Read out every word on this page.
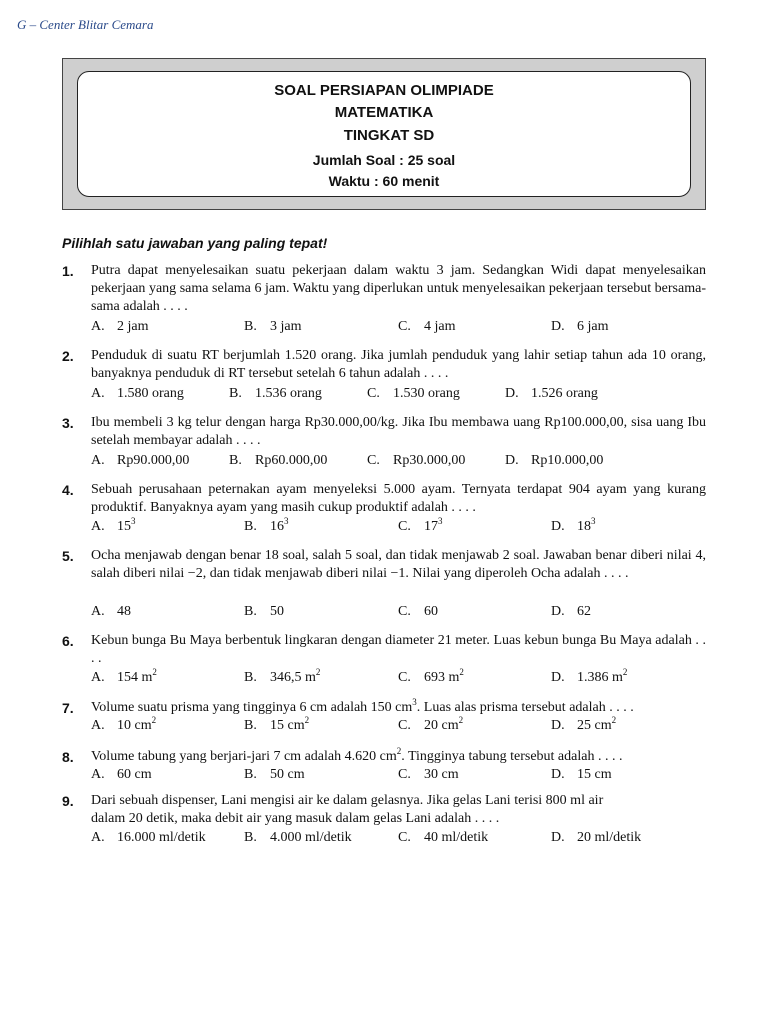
G – Center Blitar Cemara
SOAL PERSIAPAN OLIMPIADE
MATEMATIKA
TINGKAT SD
Jumlah Soal : 25 soal
Waktu : 60 menit
Pilihlah satu jawaban yang paling tepat!
1. Putra dapat menyelesaikan suatu pekerjaan dalam waktu 3 jam. Sedangkan Widi dapat menyelesaikan pekerjaan yang sama selama 6 jam. Waktu yang diperlukan untuk menyelesaikan pekerjaan tersebut bersama-sama adalah . . . .

A. 2 jam	B. 3 jam	C. 4 jam	D. 6 jam
2. Penduduk di suatu RT berjumlah 1.520 orang. Jika jumlah penduduk yang lahir setiap tahun ada 10 orang, banyaknya penduduk di RT tersebut setelah 6 tahun adalah . . . .

A. 1.580 orang	B. 1.536 orang	C. 1.530 orang	D. 1.526 orang
3. Ibu membeli 3 kg telur dengan harga Rp30.000,00/kg. Jika Ibu membawa uang Rp100.000,00, sisa uang Ibu setelah membayar adalah . . . .

A. Rp90.000,00	B. Rp60.000,00	C. Rp30.000,00	D. Rp10.000,00
4. Sebuah perusahaan peternakan ayam menyeleksi 5.000 ayam. Ternyata terdapat 904 ayam yang kurang produktif. Banyaknya ayam yang masih cukup produktif adalah . . . .

A. $15^3$	B. $16^3$	C. $17^3$	D. $18^3$
5. Ocha menjawab dengan benar 18 soal, salah 5 soal, dan tidak menjawab 2 soal. Jawaban benar diberi nilai 4, salah diberi nilai −2, dan tidak menjawab diberi nilai −1. Nilai yang diperoleh Ocha adalah . . . .

A. 48	B. 50	C. 60	D. 62
6. Kebun bunga Bu Maya berbentuk lingkaran dengan diameter 21 meter. Luas kebun bunga Bu Maya adalah . . . .

A. 154 $m^2$	B. 346,5 $m^2$	C. 693 $m^2$	D. 1.386 $m^2$
7. Volume suatu prisma yang tingginya 6 cm adalah 150 $cm^3$. Luas alas prisma tersebut adalah . . . .

A. 10 $cm^2$	B. 15 $cm^2$	C. 20 $cm^2$	D. 25 $cm^2$
8. Volume tabung yang berjari-jari 7 cm adalah 4.620 $cm^2$. Tingginya tabung tersebut adalah . . . .

A. 60 cm	B. 50 cm	C. 30 cm	D. 15 cm
9. Dari sebuah dispenser, Lani mengisi air ke dalam gelasnya. Jika gelas Lani terisi 800 ml air
dalam 20 detik, maka debit air yang masuk dalam gelas Lani adalah . . . .
A. 16.000 ml/detik	B. 4.000 ml/detik	C. 40 ml/detik	D. 20 ml/detik
